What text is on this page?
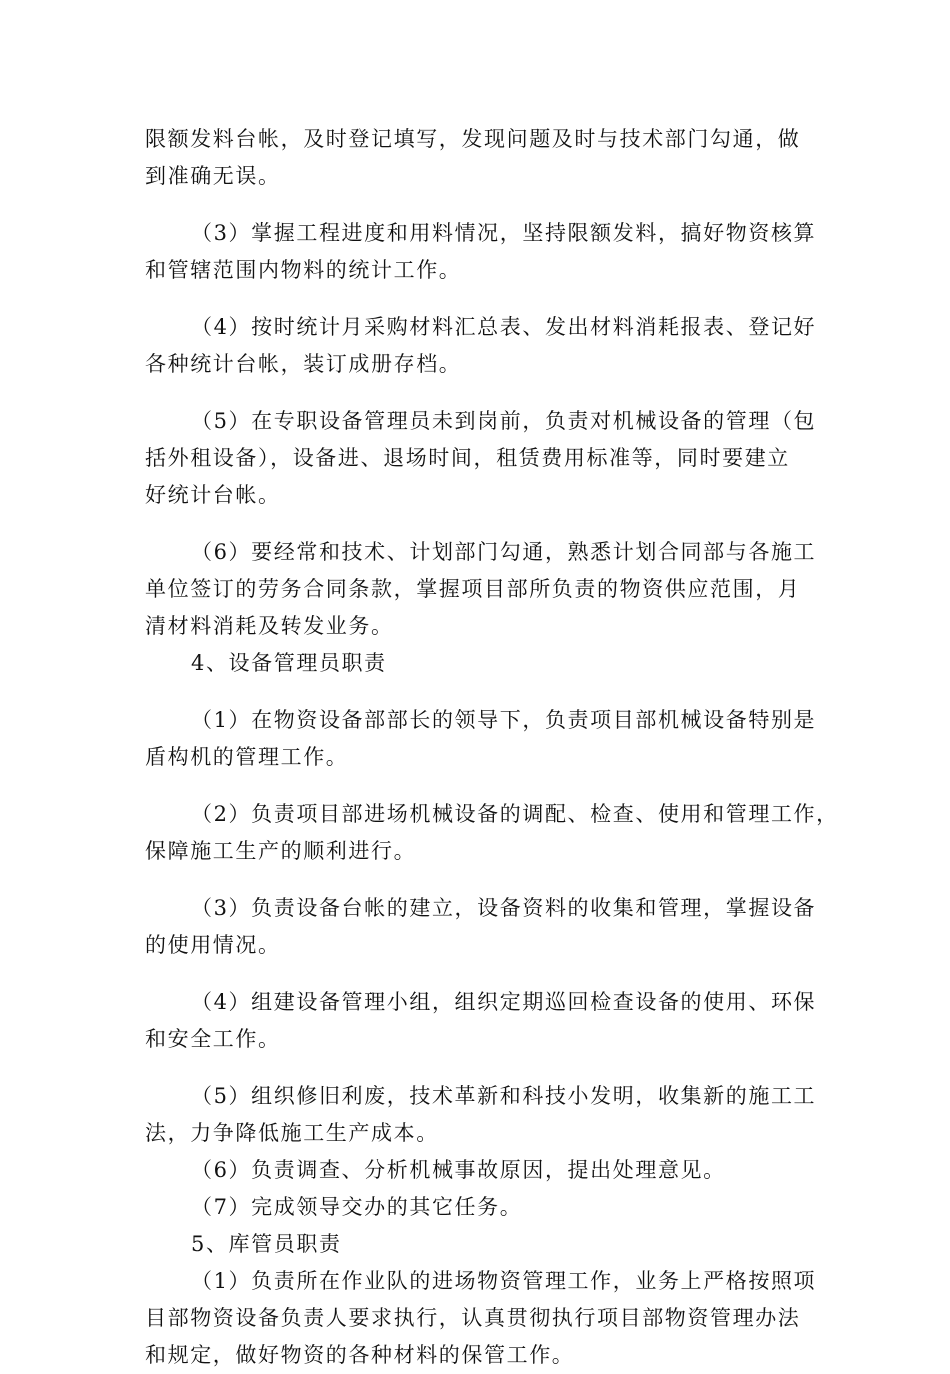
限额发料台帐，及时登记填写，发现问题及时与技术部门勾通，做
到准确无误。
（3）掌握工程进度和用料情况，坚持限额发料，搞好物资核算
和管辖范围内物料的统计工作。
（4）按时统计月采购材料汇总表、发出材料消耗报表、登记好
各种统计台帐，装订成册存档。
（5）在专职设备管理员未到岗前，负责对机械设备的管理（包
括外租设备），设备进、退场时间，租赁费用标准等，同时要建立
好统计台帐。
（6）要经常和技术、计划部门勾通，熟悉计划合同部与各施工
单位签订的劳务合同条款，掌握项目部所负责的物资供应范围，月
清材料消耗及转发业务。
4、设备管理员职责
（1）在物资设备部部长的领导下，负责项目部机械设备特别是
盾构机的管理工作。
（2）负责项目部进场机械设备的调配、检查、使用和管理工作，
保障施工生产的顺利进行。
（3）负责设备台帐的建立，设备资料的收集和管理，掌握设备
的使用情况。
（4）组建设备管理小组，组织定期巡回检查设备的使用、环保
和安全工作。
（5）组织修旧利废，技术革新和科技小发明，收集新的施工工
法，力争降低施工生产成本。
（6）负责调查、分析机械事故原因，提出处理意见。
（7）完成领导交办的其它任务。
5、库管员职责
（1）负责所在作业队的进场物资管理工作，业务上严格按照项
目部物资设备负责人要求执行，认真贯彻执行项目部物资管理办法
和规定，做好物资的各种材料的保管工作。
